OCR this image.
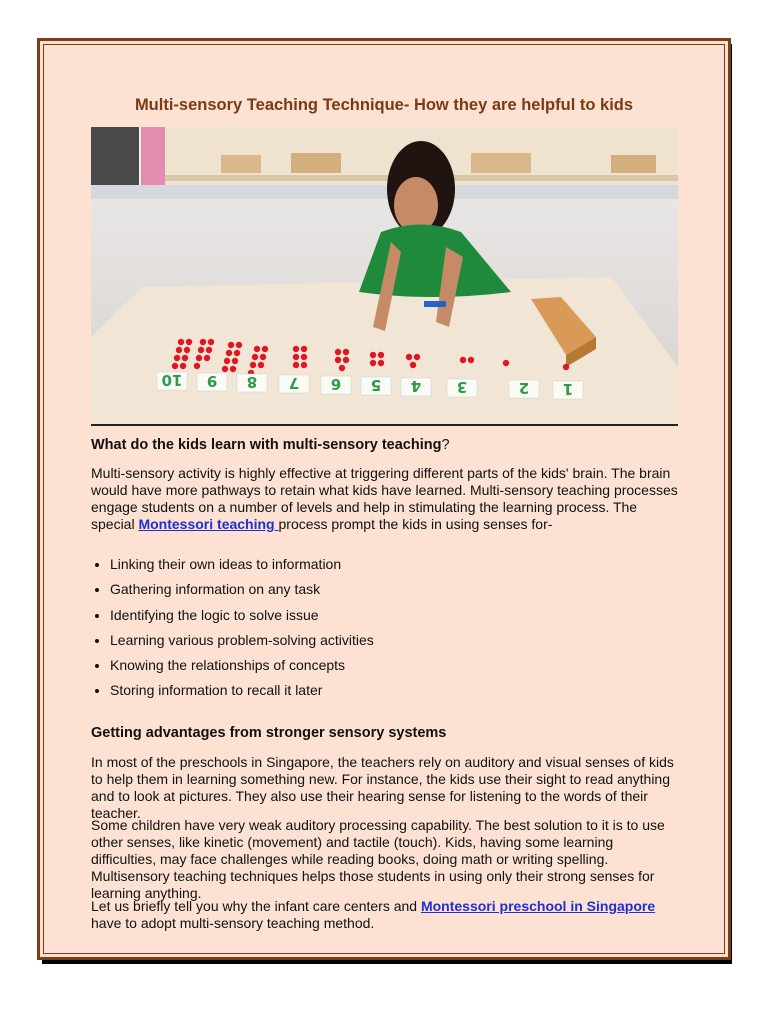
Multi-sensory Teaching Technique- How they are helpful to kids
10 9 8 7 6 5 4 3	2 1
What do the kids learn with multi-sensory teaching?
Multi-sensory activity is highly effective at triggering different parts of the kids' brain. The brain would have more pathways to retain what kids have learned. Multi-sensory teaching processes engage students on a number of levels and help in stimulating the learning process. The special Montessori teaching process prompt the kids in using senses for-
• Linking their own ideas to information
• Gathering information on any task
• Identifying the logic to solve issue
• Learning various problem-solving activities
• Knowing the relationships of concepts
• Storing information to recall it later
Getting advantages from stronger sensory systems
In most of the preschools in Singapore, the teachers rely on auditory and visual senses of kids to help them in learning something new. For instance, the kids use their sight to read anything and to look at pictures. They also use their hearing sense for listening to the words of their teacher.
Some children have very weak auditory processing capability. The best solution to it is to use other senses, like kinetic (movement) and tactile (touch). Kids, having some learning difficulties, may face challenges while reading books, doing math or writing spelling. Multisensory teaching techniques helps those students in using only their strong senses for learning anything.
Let us briefly tell you why the infant care centers and Montessori preschool in Singapore have to adopt multi-sensory teaching method.
